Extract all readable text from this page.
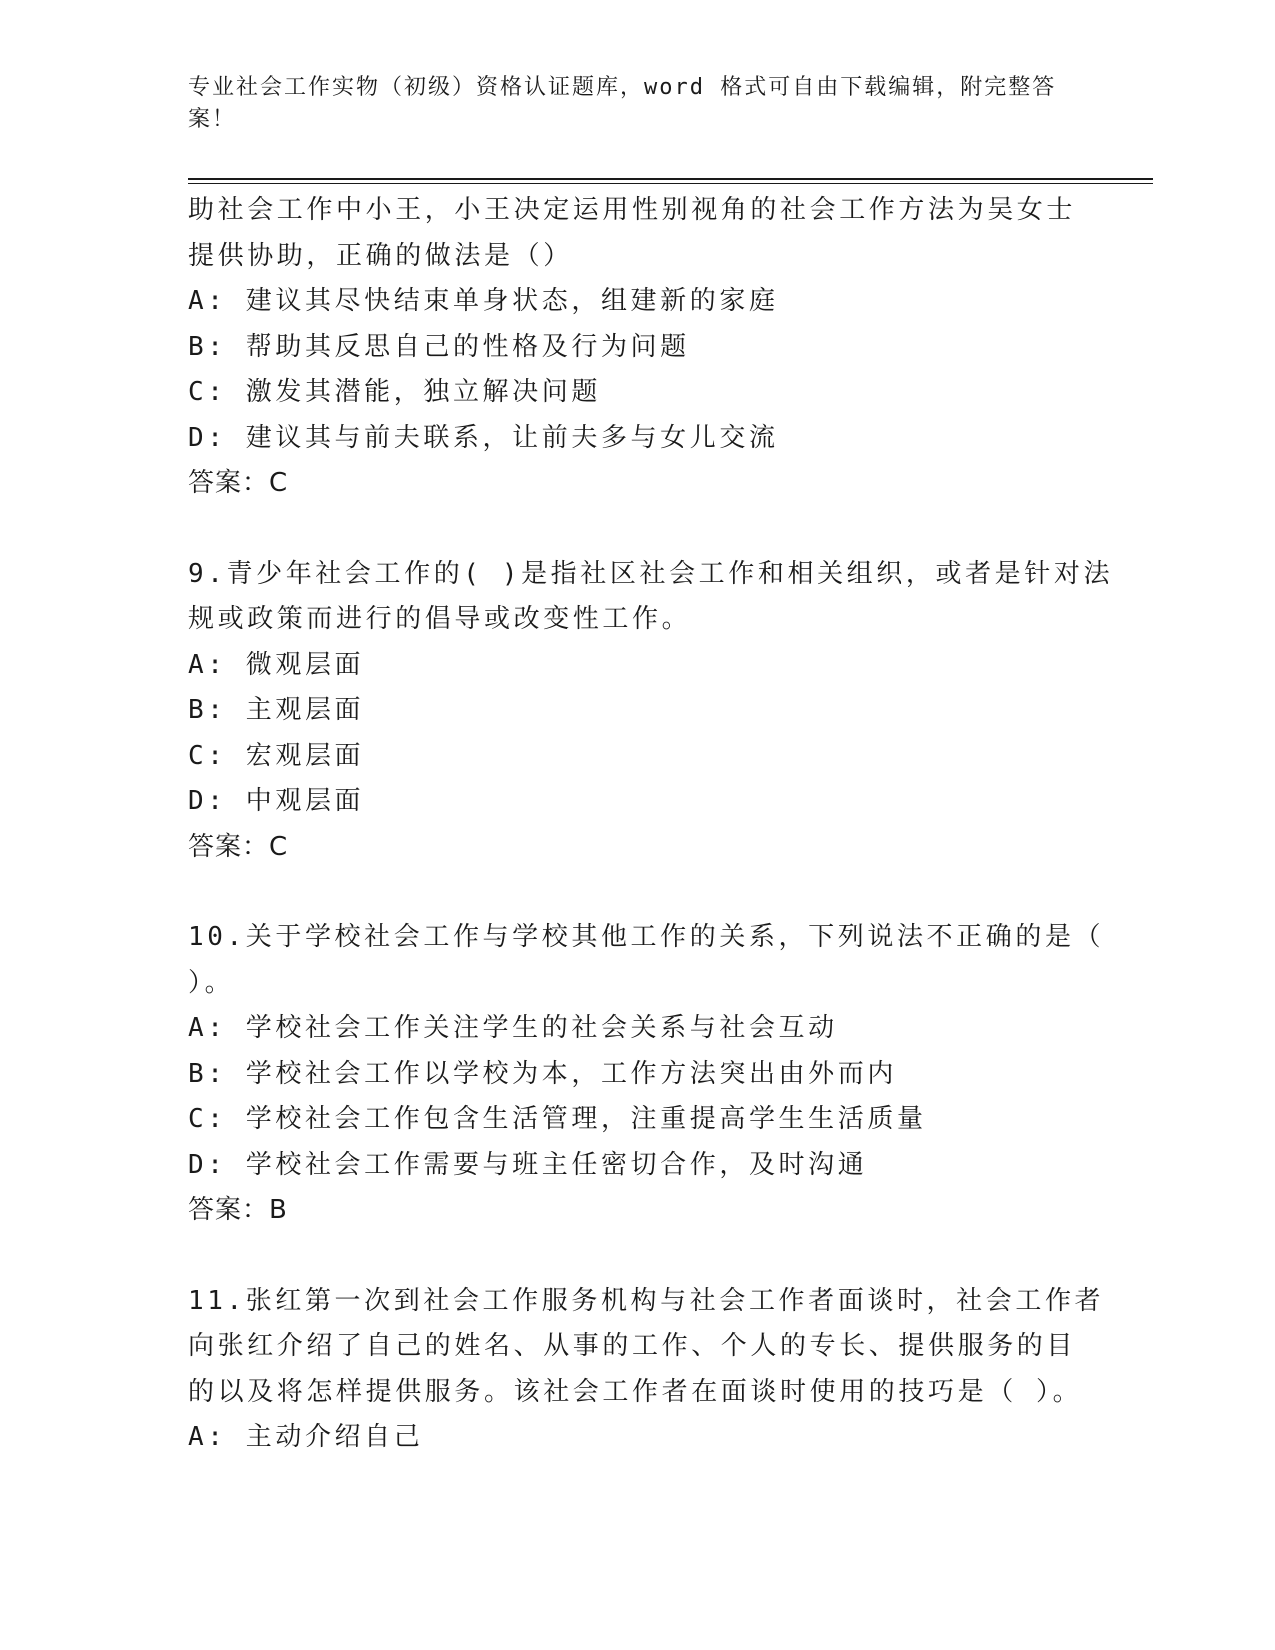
专业社会工作实物（初级）资格认证题库，word 格式可自由下载编辑，附完整答
案！
助社会工作中小王，小王决定运用性别视角的社会工作方法为吴女士
提供协助，正确的做法是（）
A: 建议其尽快结束单身状态，组建新的家庭
B: 帮助其反思自己的性格及行为问题
C: 激发其潜能，独立解决问题
D: 建议其与前夫联系，让前夫多与女儿交流
答案：C
9.青少年社会工作的( )是指社区社会工作和相关组织，或者是针对法
规或政策而进行的倡导或改变性工作。
A: 微观层面
B: 主观层面
C: 宏观层面
D: 中观层面
答案：C
10.关于学校社会工作与学校其他工作的关系，下列说法不正确的是（
）。
A: 学校社会工作关注学生的社会关系与社会互动
B: 学校社会工作以学校为本，工作方法突出由外而内
C: 学校社会工作包含生活管理，注重提高学生生活质量
D: 学校社会工作需要与班主任密切合作，及时沟通
答案：B
11.张红第一次到社会工作服务机构与社会工作者面谈时，社会工作者
向张红介绍了自己的姓名、从事的工作、个人的专长、提供服务的目
的以及将怎样提供服务。该社会工作者在面谈时使用的技巧是（ ）。
A: 主动介绍自己
